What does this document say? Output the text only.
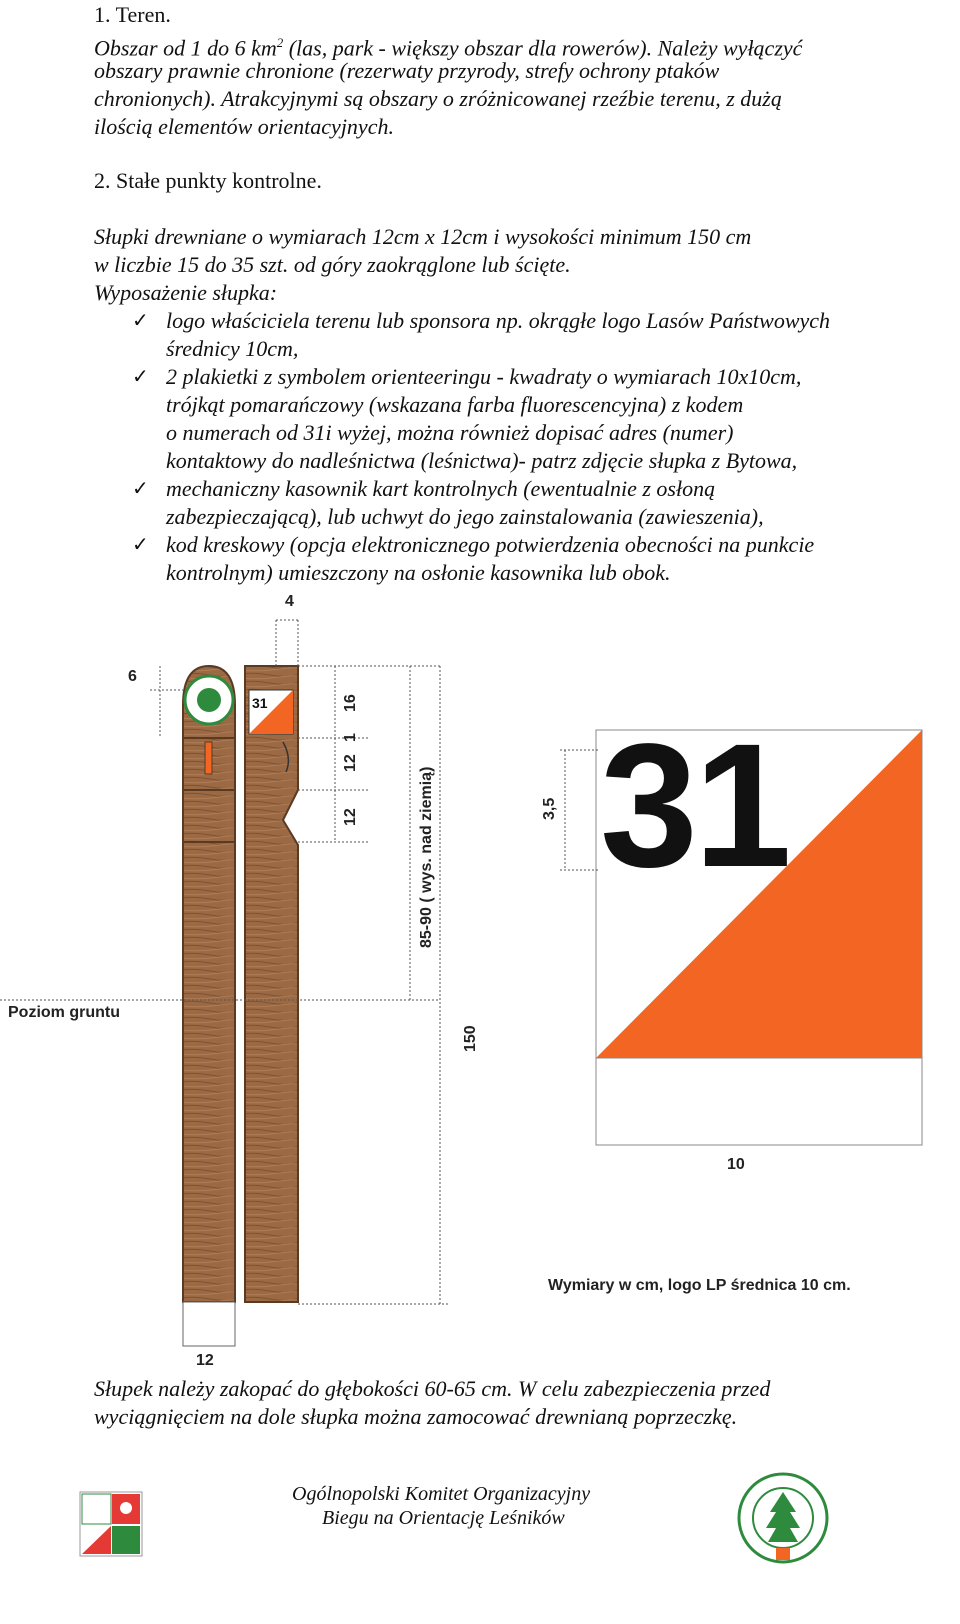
1. Teren.
Obszar od 1 do 6 $km^2$ (las, park - większy obszar dla rowerów). Należy wyłączyć
obszary prawnie chronione (rezerwaty przyrody, strefy ochrony ptaków
chronionych). Atrakcyjnymi są obszary o zróżnicowanej rzeźbie terenu, z dużą
ilością elementów orientacyjnych.
2. Stałe punkty kontrolne.
Słupki drewniane o wymiarach 12cm x 12cm i wysokości minimum 150 cm
w liczbie 15 do 35 szt. od góry zaokrąglone lub ścięte.
Wyposażenie słupka:
✓ logo właściciela terenu lub sponsora np. okrągłe logo Lasów Państwowych
średnicy 10cm,
✓ 2 plakietki z symbolem orienteeringu - kwadraty o wymiarach 10x10cm,
trójkąt pomarańczowy (wskazana farba fluorescencyjna) z kodem
o numerach od 31i wyżej, można również dopisać adres (numer)
kontaktowy do nadleśnictwa (leśnictwa)- patrz zdjęcie słupka z Bytowa,
✓ mechaniczny kasownik kart kontrolnych (ewentualnie z osłoną
zabezpieczającą), lub uchwyt do jego zainstalowania (zawieszenia),
✓ kod kreskowy (opcja elektronicznego potwierdzenia obecności na punkcie
kontrolnym) umieszczony na osłonie kasownika lub obok.
4
6
16
1
12
12	85-90 ( wys. nad ziemią)
150
3,5
10
12
Poziom gruntu
31
31
Wymiary w cm, logo LP średnica 10 cm.
Słupek należy zakopać do głębokości 60-65 cm. W celu zabezpieczenia przed
wyciągnięciem na dole słupka można zamocować drewnianą poprzeczkę.
Ogólnopolski Komitet Organizacyjny
Biegu na Orientację Leśników
